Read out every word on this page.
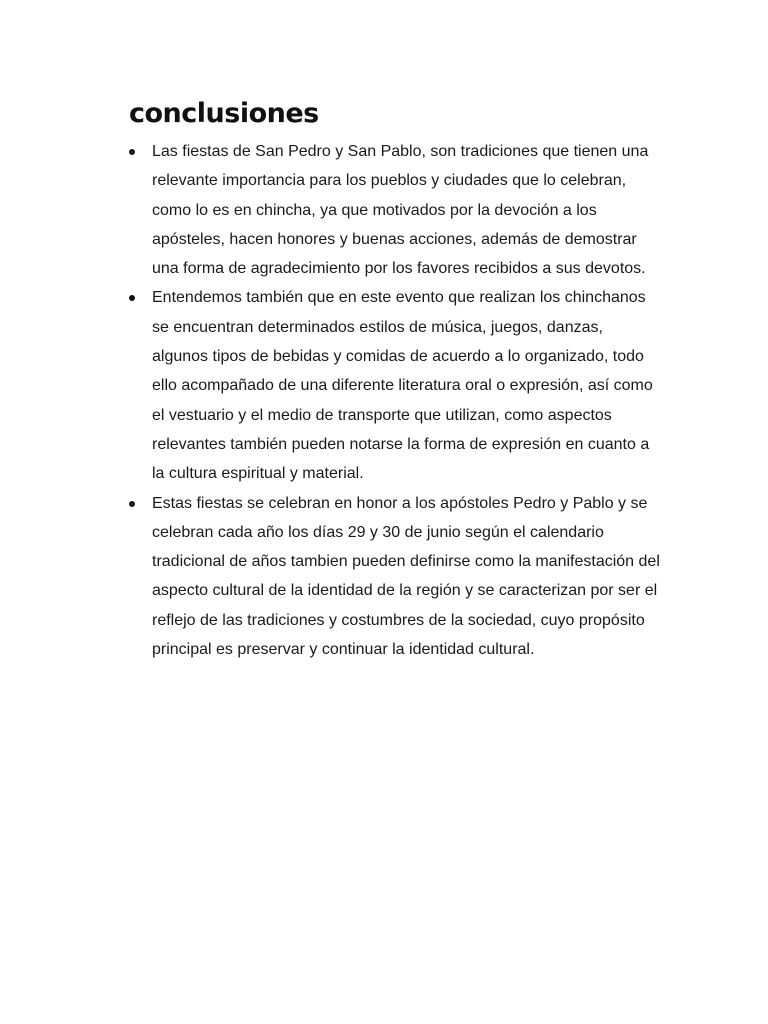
conclusiones
Las fiestas de San Pedro y San Pablo, son tradiciones que tienen una relevante importancia para los pueblos y ciudades que lo celebran, como lo es en chincha, ya que motivados por la devoción a los apósteles, hacen honores y buenas acciones, además de demostrar una forma de agradecimiento por los favores recibidos a sus devotos.
Entendemos también que en este evento que realizan los chinchanos se encuentran determinados estilos de música, juegos, danzas, algunos tipos de bebidas y comidas de acuerdo a lo organizado, todo ello acompañado de una diferente literatura oral o expresión, así como el vestuario y el medio de transporte que utilizan, como aspectos relevantes también pueden notarse la forma de expresión en cuanto a la cultura espiritual y material.
Estas fiestas se celebran en honor a los apóstoles Pedro y Pablo y se celebran cada año los días 29 y 30 de junio según el calendario tradicional de años tambien pueden definirse como la manifestación del aspecto cultural de la identidad de la región y se caracterizan por ser el reflejo de las tradiciones y costumbres de la sociedad, cuyo propósito principal es preservar y continuar la identidad cultural.
